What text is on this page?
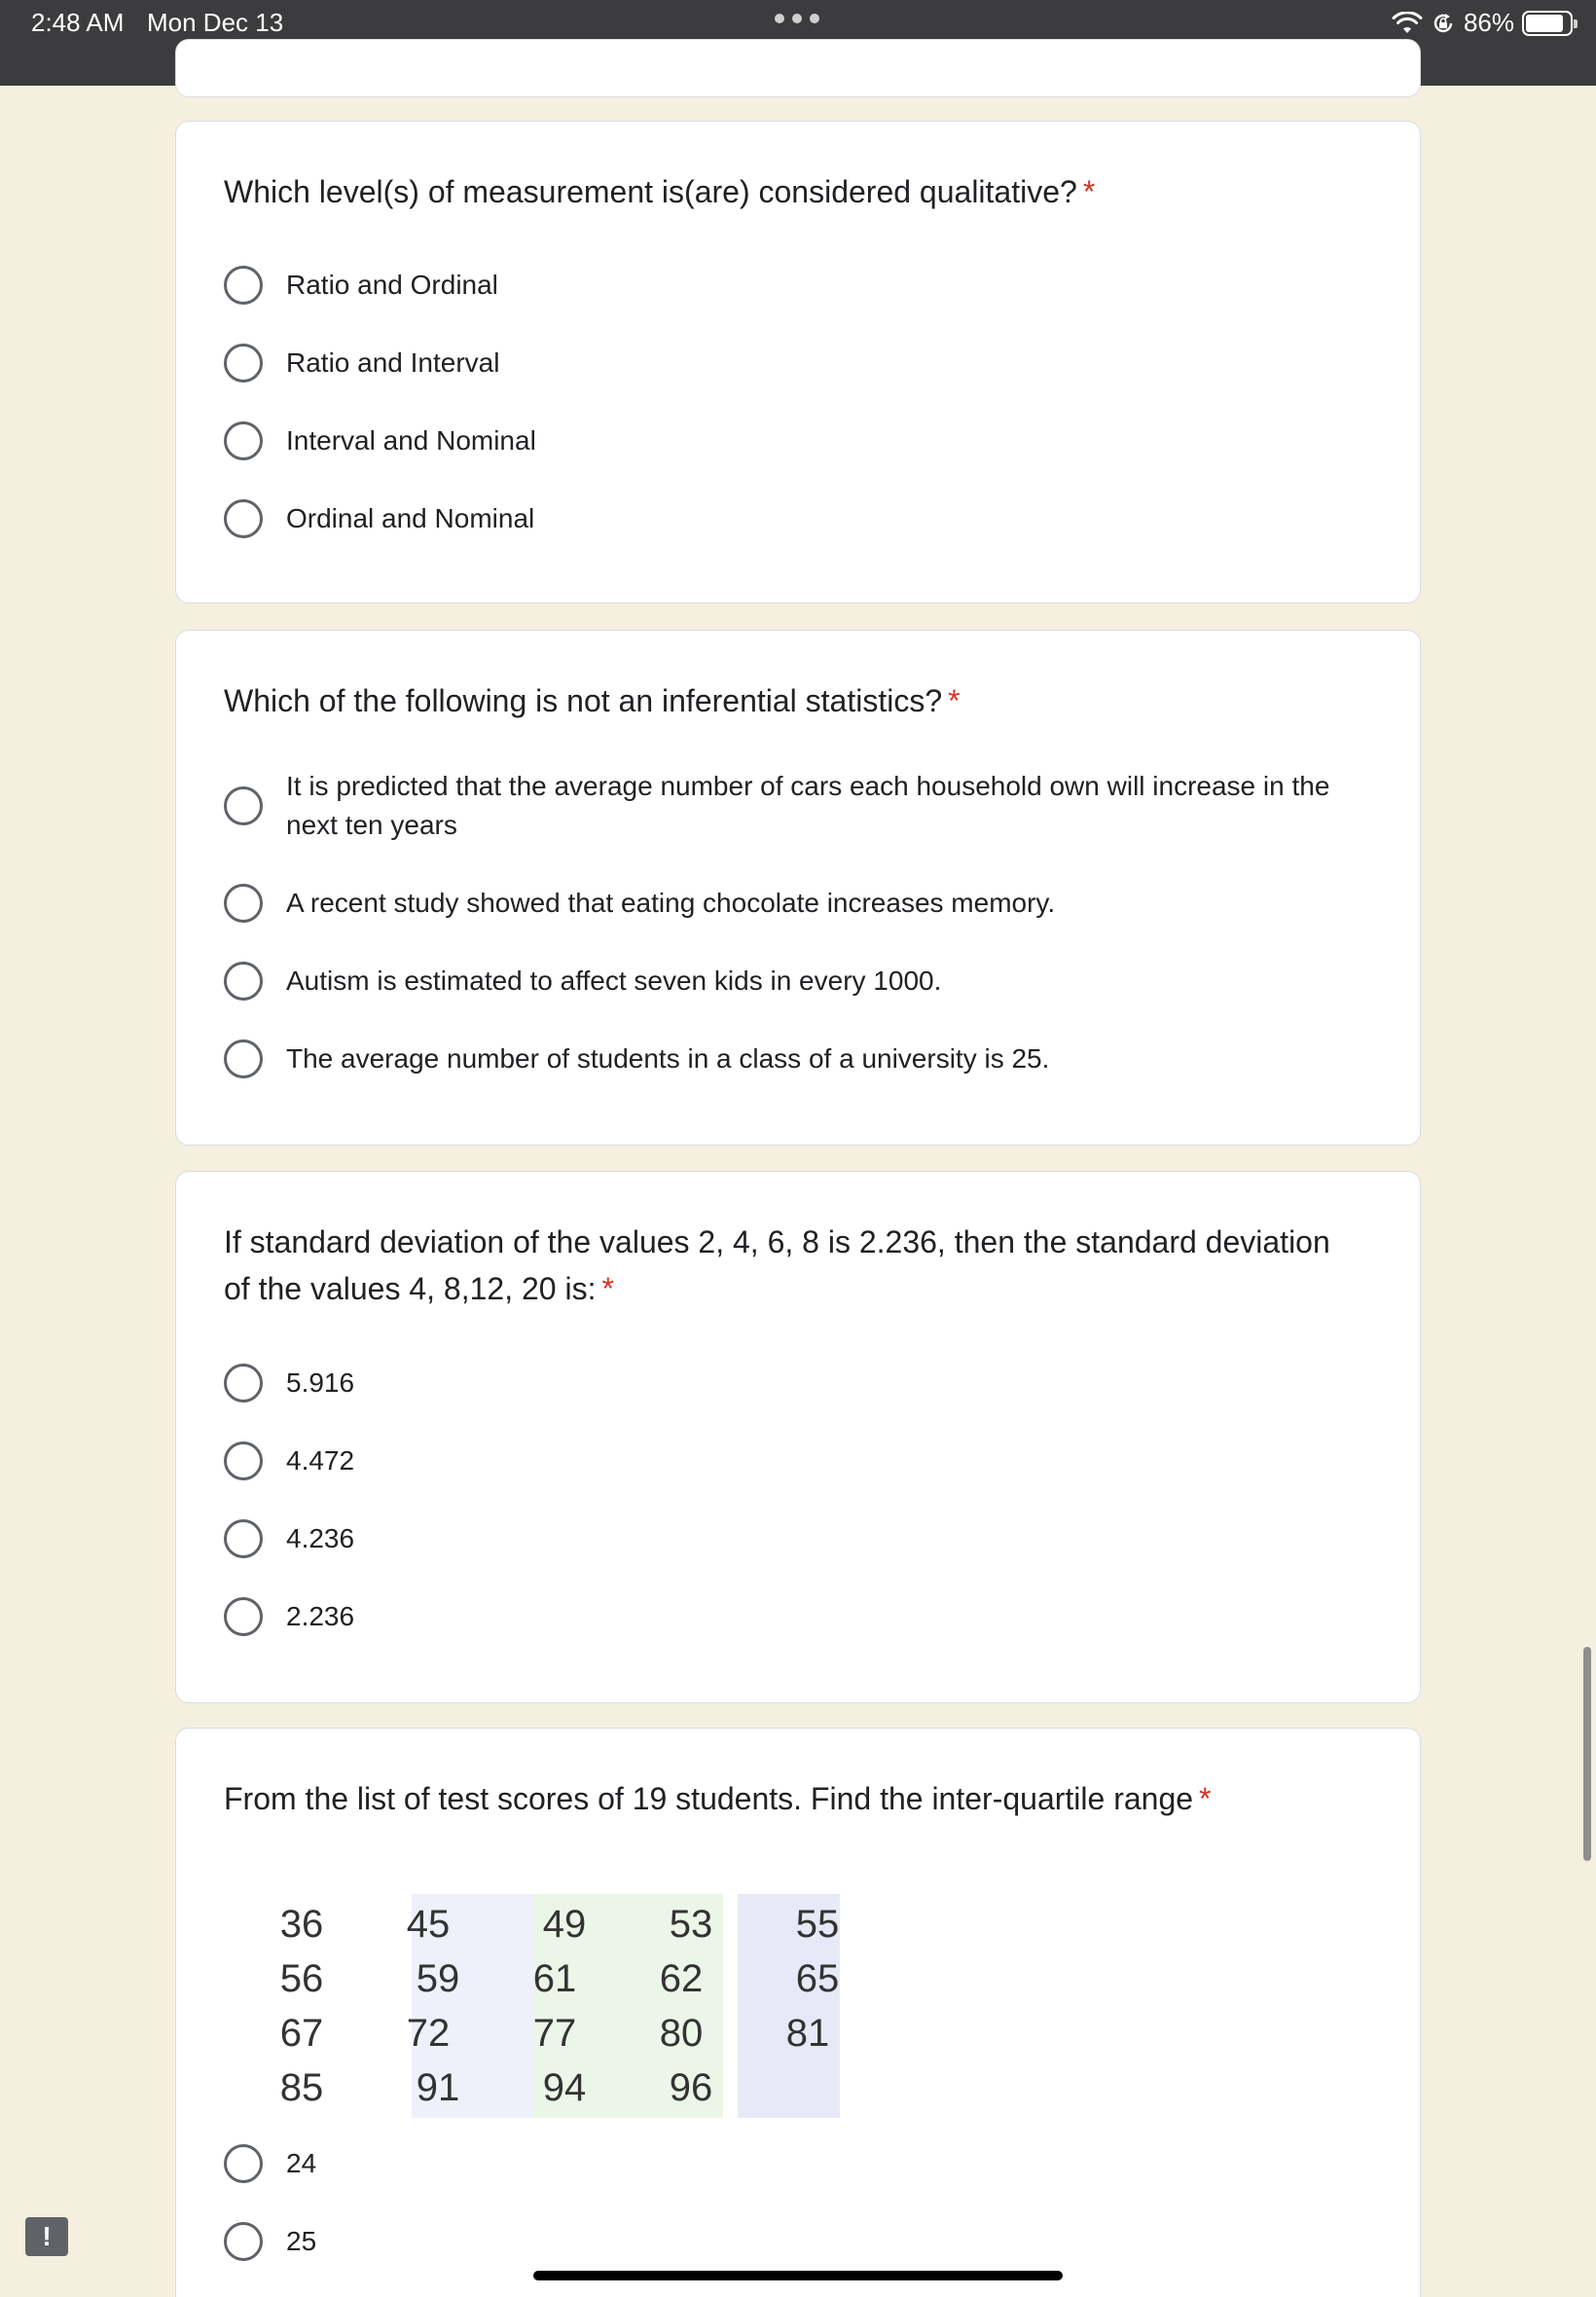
2:48 AM Mon Dec 13	86%
Which level(s) of measurement is(are) considered qualitative? *
Ratio and Ordinal
Ratio and Interval
Interval and Nominal
Ordinal and Nominal
Which of the following is not an inferential statistics? *
It is predicted that the average number of cars each household own will increase in the next ten years
A recent study showed that eating chocolate increases memory.
Autism is estimated to affect seven kids in every 1000.
The average number of students in a class of a university is 25.
If standard deviation of the values 2, 4, 6, 8 is 2.236, then the standard deviation of the values 4, 8,12, 20 is: *
5.916
4.472
4.236
2.236
From the list of test scores of 19 students. Find the inter-quartile range *
36	45	49	53	55
56	59	61	62	65
67	72	77	80	81
85	91	94	96
24
25
!
